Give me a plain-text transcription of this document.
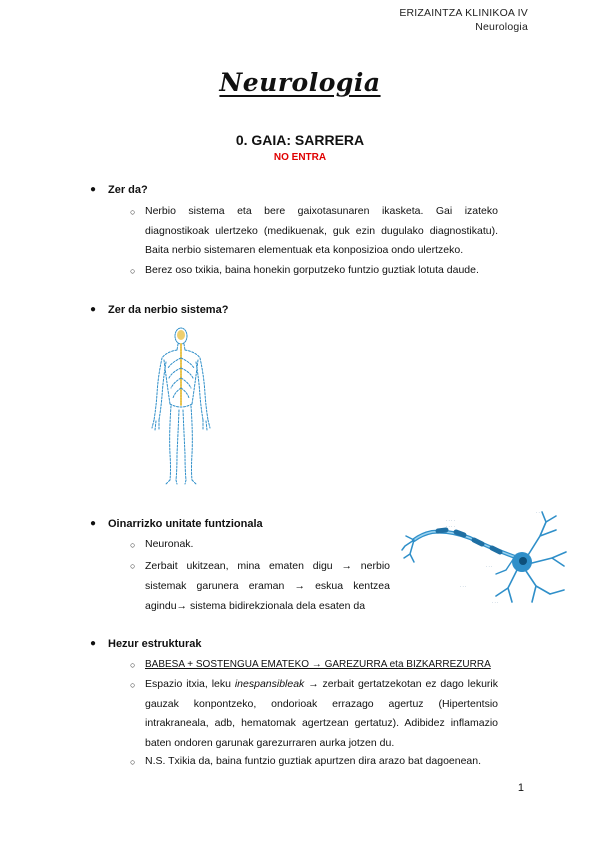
ERIZAINTZA KLINIKOA IV
Neurologia
Neurologia
0. GAIA: SARRERA
NO ENTRA
● Zer da?
○ Nerbio sistema eta bere gaixotasunaren ikasketa. Gai izateko diagnostikoak ulertzeko (medikuenak, guk ezin dugulako diagnostikatu). Baita nerbio sistemaren elementuak eta konposizioa ondo ulertzeko.
○ Berez oso txikia, baina honekin gorputzeko funtzio guztiak lotuta daude.
● Zer da nerbio sistema?
● Oinarrizko unitate funtzionala
○ Neuronak.
○ Zerbait ukitzean, mina ematen digu → nerbio sistemak garunera eraman → eskua kentzea agindu→ sistema bidirekzionala dela esaten da
· · · ·
· · · ·
· · ·
· · ·
· · ·
· · ·
● Hezur estrukturak
○ BABESA + SOSTENGUA EMATEKO → GAREZURRA eta BIZKARREZURRA
○ Espazio itxia, leku inespansibleak → zerbait gertatzekotan ez dago lekurik gauzak konpontzeko, ondorioak errazago agertuz (Hipertentsio intrakraneala, adb, hematomak agertzean gertatuz). Adibidez inflamazio baten ondoren garunak garezurraren aurka jotzen du.
○ N.S. Txikia da, baina funtzio guztiak apurtzen dira arazo bat dagoenean.
1
